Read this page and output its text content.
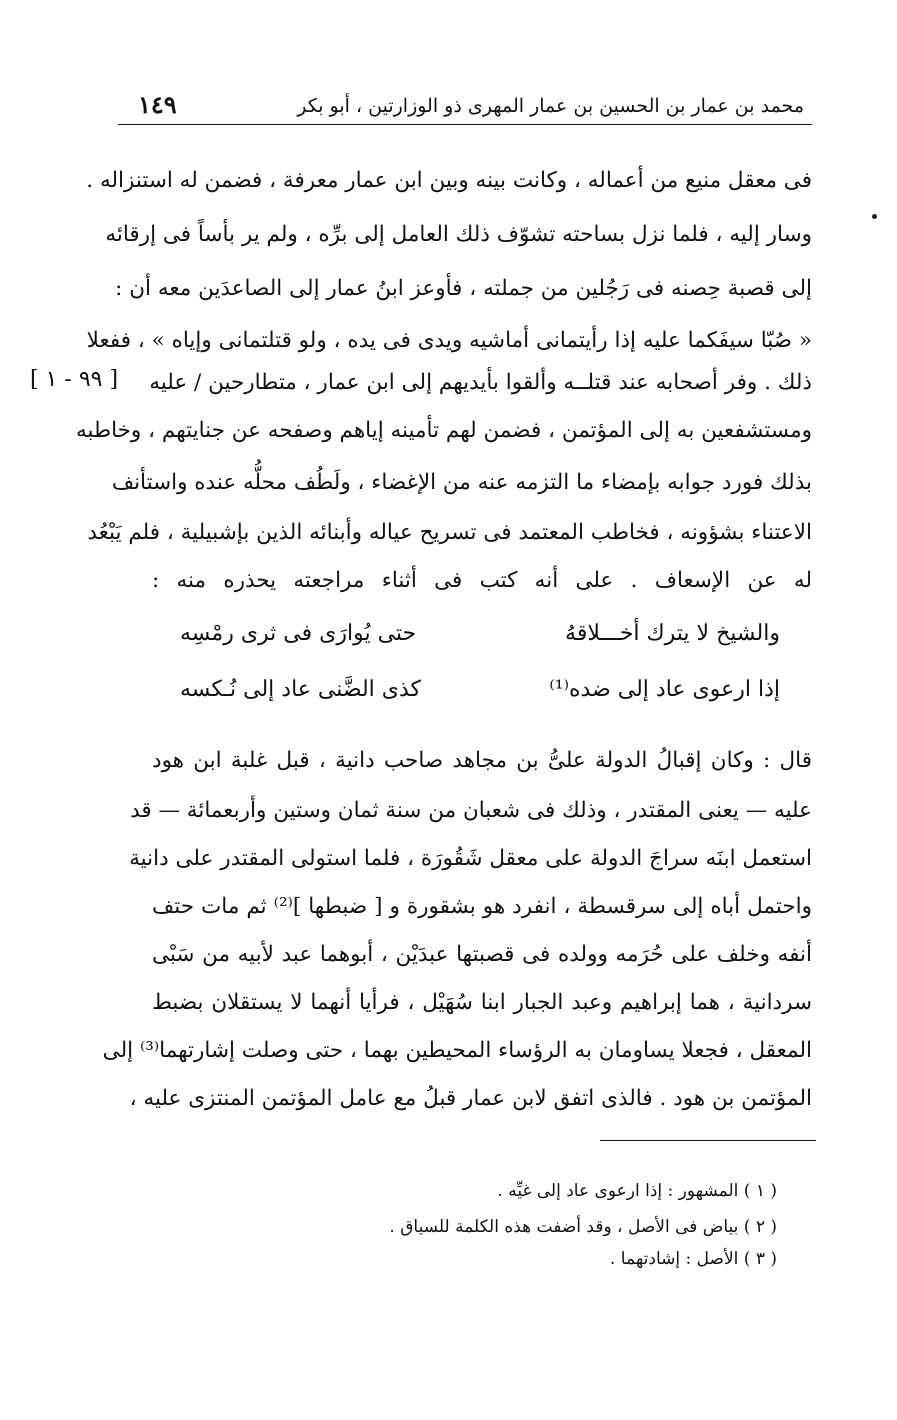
محمد بن عمار بن الحسين بن عمار المهرى ذو الوزارتين ، أبو بكر
١٤٩
فى معقل منيع من أعماله ، وكانت بينه وبين ابن عمار معرفة ، فضمن له استنزاله .
وسار إليه ، فلما نزل بساحته تشوّف ذلك العامل إلى برِّه ، ولم ير بأساً فى إرقائه
إلى قصبة حِصنه فى رَجُلين من جملته ، فأوعز ابنُ عمار إلى الصاعدَين معه أن :
« صُبّا سيفَكما عليه إذا رأيتمانى أماشيه ويدى فى يده ، ولو قتلتمانى وإياه » ، ففعلا
ذلك . وفر أصحابه عند قتلــه وألقوا بأيديهم إلى ابن عمار ، متطارحين / عليه
[ ٩٩ - ١ ]
ومستشفعين به إلى المؤتمن ، فضمن لهم تأمينه إياهم وصفحه عن جنايتهم ، وخاطبه
بذلك فورد جوابه بإمضاء ما التزمه عنه من الإغضاء ، ولَطُف محلُّه عنده واستأنف
الاعتناء بشؤونه ، فخاطب المعتمد فى تسريح عياله وأبنائه الذين بإشبيلية ، فلم يَبْعُد
له عن الإسعاف . على أنه كتب فى أثناء مراجعته يحذره منه :
والشيخ لا يترك أخـــلاقهُ
حتى يُوارَى فى ثرى رمْسِه
إذا ارعوى عاد إلى ضده⁽¹⁾
كذى الضَّنى عاد إلى نُـكسه
قال : وكان إقبالُ الدولة علىُّ بن مجاهد صاحب دانية ، قبل غلبة ابن هود
عليه — يعنى المقتدر ، وذلك فى شعبان من سنة ثمان وستين وأربعمائة — قد
استعمل ابنَه سراجَ الدولة على معقل شَقُورَة ، فلما استولى المقتدر على دانية
واحتمل أباه إلى سرقسطة ، انفرد هو بشقورة و [ ضبطها ]⁽²⁾ ثم مات حتف
أنفه وخلف على حُرَمه وولده فى قصبتها عبدَيْن ، أبوهما عبد لأبيه من سَبْى
سردانية ، هما إبراهيم وعبد الجبار ابنا سُهَيْل ، فرأيا أنهما لا يستقلان بضبط
المعقل ، فجعلا يساومان به الرؤساء المحيطين بهما ، حتى وصلت إشارتهما⁽³⁾ إلى
المؤتمن بن هود . فالذى اتفق لابن عمار قبلُ مع عامل المؤتمن المنتزى عليه ،
( ١ ) المشهور : إذا ارعوى عاد إلى غيِّه .
( ٢ ) بياض فى الأصل ، وقد أضفت هذه الكلمة للسياق .
( ٣ ) الأصل : إشادتهما .
